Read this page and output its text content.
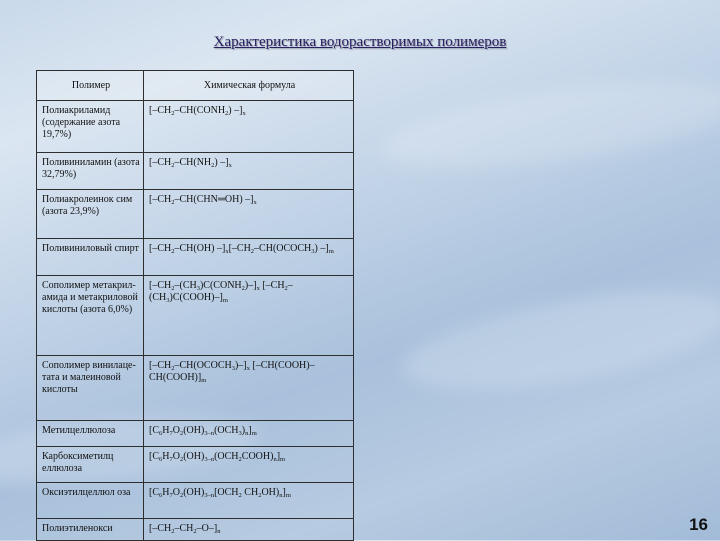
Характеристика водорастворимых полимеров
Полимер	Химическая формула
Полиакриламид (содержание азота 19,7%)	[$-CH_2-CH(CONH_2)$ $-]_x$
Поливиниламин (азота 32,79%)	[$-CH_2-CH(NH_2)$ $-]_x$
Полиакролеинок сим (азота 23,9%)	[$-CH_2-CH(CHN═OH)$ $-]_x$
Поливиниловый спирт	[$-CH_2-CH(OH)$ $-]_x[-CH_2-CH(OCOCH_3)$ $-]_m$
Сополимер метакрил-амида и метакриловой кислоты (азота 6,0%)	$[-CH_2-(CH_3)C(CONH_2)-]_x$ $[-CH_2-(CH_3)C(COOH)-]_m$
Сополимер винилаце-тата и малеиновой кислоты	$[-CH_2-CH(OCOCH_3)-]_x$ $[-CH(COOH)-CH(COOH)]_m$
Метилцеллюлоза	$[C_6H_7O_2(OH)_{3-n}(OCH_3)_n]_m$
Карбоксиметилц еллюлоза	$[C_6H_7O_2(OH)_{3-n}(OCH_2COOH)_n]_m$
Оксиэтилцеллюл оза	[$C_6H_7O_2(OH)_{3-n}[OCH_2$ $CH_2OH)_n]_m$
Полиэтиленокси	$[-CH_2-CH_2-O-]_n$	16
